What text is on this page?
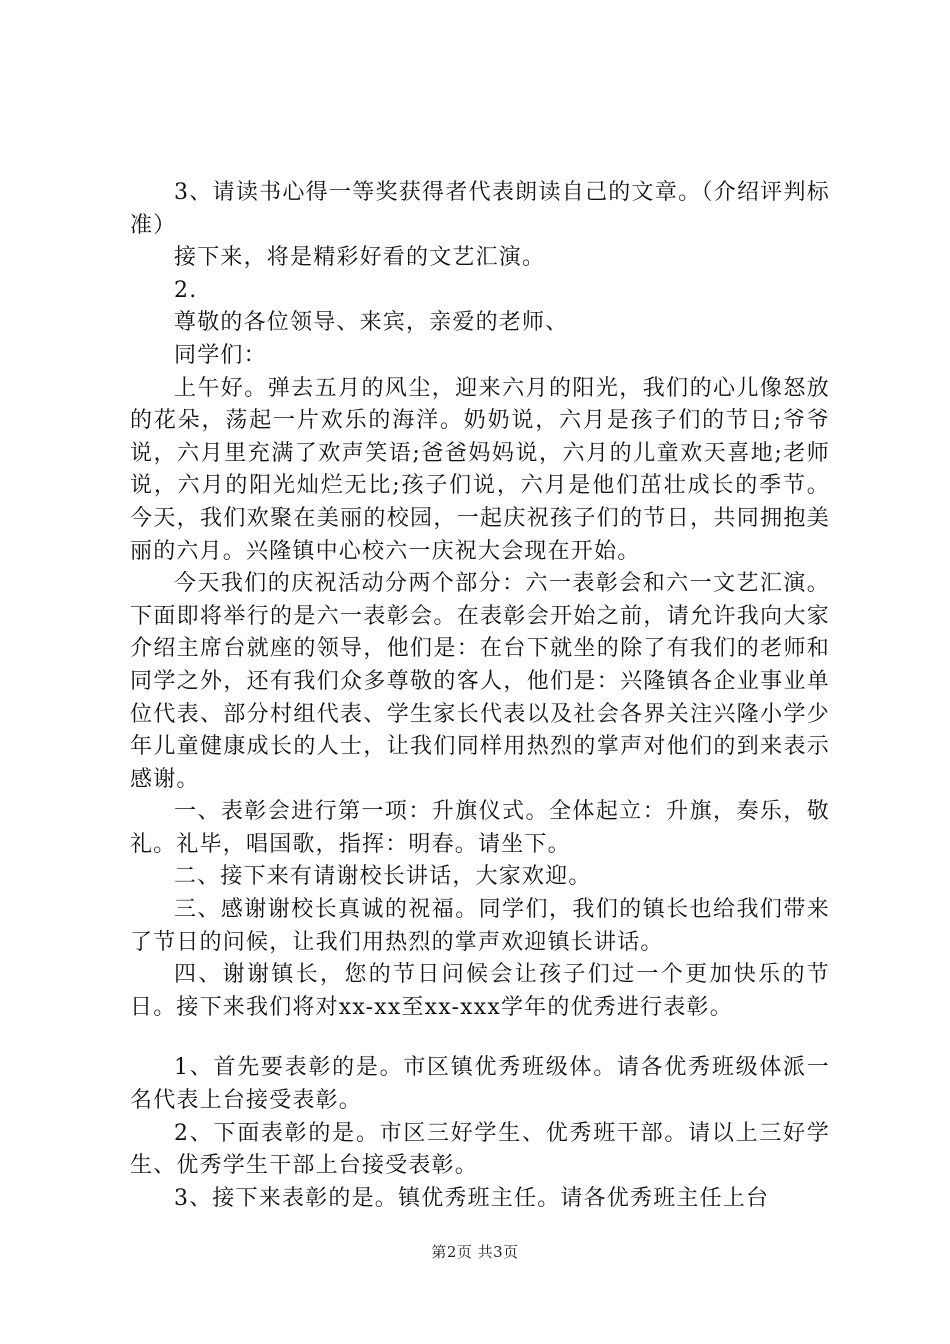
3、请读书心得一等奖获得者代表朗读自己的文章。（介绍评判标准）

接下来，将是精彩好看的文艺汇演。

2.

尊敬的各位领导、来宾，亲爱的老师、

同学们：

上午好。弹去五月的风尘，迎来六月的阳光，我们的心儿像怒放的花朵，荡起一片欢乐的海洋。奶奶说，六月是孩子们的节日;爷爷说，六月里充满了欢声笑语;爸爸妈妈说，六月的儿童欢天喜地;老师说，六月的阳光灿烂无比;孩子们说，六月是他们茁壮成长的季节。今天，我们欢聚在美丽的校园，一起庆祝孩子们的节日，共同拥抱美丽的六月。兴隆镇中心校六一庆祝大会现在开始。

今天我们的庆祝活动分两个部分：六一表彰会和六一文艺汇演。下面即将举行的是六一表彰会。在表彰会开始之前，请允许我向大家介绍主席台就座的领导，他们是：在台下就坐的除了有我们的老师和同学之外，还有我们众多尊敬的客人，他们是：兴隆镇各企业事业单位代表、部分村组代表、学生家长代表以及社会各界关注兴隆小学少年儿童健康成长的人士，让我们同样用热烈的掌声对他们的到来表示感谢。

一、表彰会进行第一项：升旗仪式。全体起立：升旗，奏乐，敬礼。礼毕，唱国歌，指挥：明春。请坐下。

二、接下来有请谢校长讲话，大家欢迎。

三、感谢谢校长真诚的祝福。同学们，我们的镇长也给我们带来了节日的问候，让我们用热烈的掌声欢迎镇长讲话。

四、谢谢镇长，您的节日问候会让孩子们过一个更加快乐的节日。接下来我们将对xx-xx至xx-xxx学年的优秀进行表彰。

1、首先要表彰的是。市区镇优秀班级体。请各优秀班级体派一名代表上台接受表彰。

2、下面表彰的是。市区三好学生、优秀班干部。请以上三好学生、优秀学生干部上台接受表彰。

3、接下来表彰的是。镇优秀班主任。请各优秀班主任上台

第2页 共3页
